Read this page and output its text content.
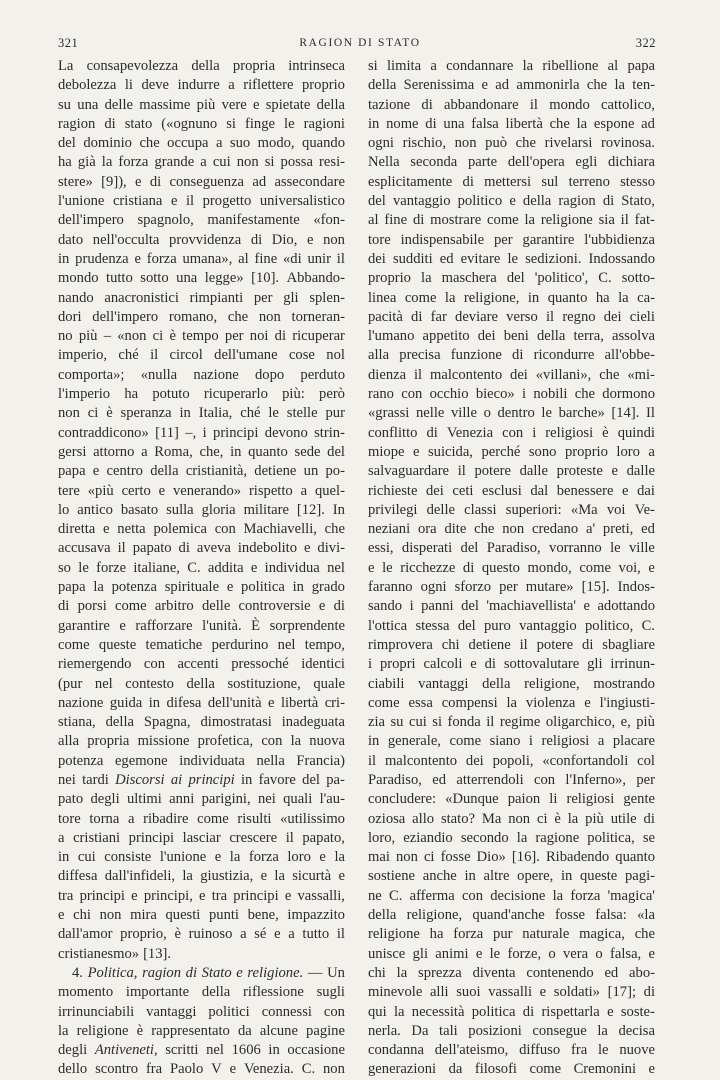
321	RAGION DI STATO	322
La consapevolezza della propria intrinseca
debolezza li deve indurre a riflettere proprio
su una delle massime più vere e spietate della
ragion di stato («ognuno si finge le ragioni
del dominio che occupa a suo modo, quando
ha già la forza grande a cui non si possa resi-
stere» [9]), e di conseguenza ad assecondare
l'unione cristiana e il progetto universalistico
dell'impero spagnolo, manifestamente «fon-
dato nell'occulta provvidenza di Dio, e non
in prudenza e forza umana», al fine «di unir il
mondo tutto sotto una legge» [10]. Abbando-
nando anacronistici rimpianti per gli splen-
dori dell'impero romano, che non torneran-
no più – «non ci è tempo per noi di ricuperar
imperio, ché il circol dell'umane cose nol
comporta»; «nulla nazione dopo perduto
l'imperio ha potuto ricuperarlo più: però
non ci è speranza in Italia, ché le stelle pur
contraddicono» [11] –, i principi devono strin-
gersi attorno a Roma, che, in quanto sede del
papa e centro della cristianità, detiene un po-
tere «più certo e venerando» rispetto a quel-
lo antico basato sulla gloria militare [12]. In
diretta e netta polemica con Machiavelli, che
accusava il papato di aveva indebolito e divi-
so le forze italiane, C. addita e individua nel
papa la potenza spirituale e politica in grado
di porsi come arbitro delle controversie e di
garantire e rafforzare l'unità. È sorprendente
come queste tematiche perdurino nel tempo,
riemergendo con accenti pressoché identici
(pur nel contesto della sostituzione, quale
nazione guida in difesa dell'unità e libertà cri-
stiana, della Spagna, dimostratasi inadeguata
alla propria missione profetica, con la nuova
potenza egemone individuata nella Francia)
nei tardi Discorsi ai principi in favore del pa-
pato degli ultimi anni parigini, nei quali l'au-
tore torna a ribadire come risulti «utilissimo
a cristiani principi lasciar crescere il papato,
in cui consiste l'unione e la forza loro e la
diffesa dall'infideli, la giustizia, e la sicurtà e
tra principi e principi, e tra principi e vassalli,
e chi non mira questi punti bene, impazzito
dall'amor proprio, è ruinoso a sé e a tutto il
cristianesmo» [13].
4. Politica, ragion di Stato e religione. — Un
momento importante della riflessione sugli
irrinunciabili vantaggi politici connessi con
la religione è rappresentato da alcune pagine
degli Antiveneti, scritti nel 1606 in occasione
dello scontro fra Paolo V e Venezia. C. non
si limita a condannare la ribellione al papa
della Serenissima e ad ammonirla che la ten-
tazione di abbandonare il mondo cattolico,
in nome di una falsa libertà che la espone ad
ogni rischio, non può che rivelarsi rovinosa.
Nella seconda parte dell'opera egli dichiara
esplicitamente di mettersi sul terreno stesso
del vantaggio politico e della ragion di Stato,
al fine di mostrare come la religione sia il fat-
tore indispensabile per garantire l'ubbidienza
dei sudditi ed evitare le sedizioni. Indossando
proprio la maschera del 'politico', C. sotto-
linea come la religione, in quanto ha la ca-
pacità di far deviare verso il regno dei cieli
l'umano appetito dei beni della terra, assolva
alla precisa funzione di ricondurre all'obbe-
dienza il malcontento dei «villani», che «mi-
rano con occhio bieco» i nobili che dormono
«grassi nelle ville o dentro le barche» [14]. Il
conflitto di Venezia con i religiosi è quindi
miope e suicida, perché sono proprio loro a
salvaguardare il potere dalle proteste e dalle
richieste dei ceti esclusi dal benessere e dai
privilegi delle classi superiori: «Ma voi Ve-
neziani ora dite che non credano a' preti, ed
essi, disperati del Paradiso, vorranno le ville
e le ricchezze di questo mondo, come voi, e
faranno ogni sforzo per mutare» [15]. Indos-
sando i panni del 'machiavellista' e adottando
l'ottica stessa del puro vantaggio politico, C.
rimprovera chi detiene il potere di sbagliare
i propri calcoli e di sottovalutare gli irrinun-
ciabili vantaggi della religione, mostrando
come essa compensi la violenza e l'ingiusti-
zia su cui si fonda il regime oligarchico, e, più
in generale, come siano i religiosi a placare
il malcontento dei popoli, «confortandoli col
Paradiso, ed atterrendoli con l'Inferno», per
concludere: «Dunque paion li religiosi gente
oziosa allo stato? Ma non ci è la più utile di
loro, eziandio secondo la ragione politica, se
mai non ci fosse Dio» [16]. Ribadendo quanto
sostiene anche in altre opere, in queste pagi-
ne C. afferma con decisione la forza 'magica'
della religione, quand'anche fosse falsa: «la
religione ha forza pur naturale magica, che
unisce gli animi e le forze, o vera o falsa, e
chi la sprezza diventa contenendo ed abo-
minevole alli suoi vassalli e soldati» [17]; di
qui la necessità politica di rispettarla e soste-
nerla. Da tali posizioni consegue la decisa
condanna dell'ateismo, diffuso fra le nuove
generazioni da filosofi come Cremonini e
